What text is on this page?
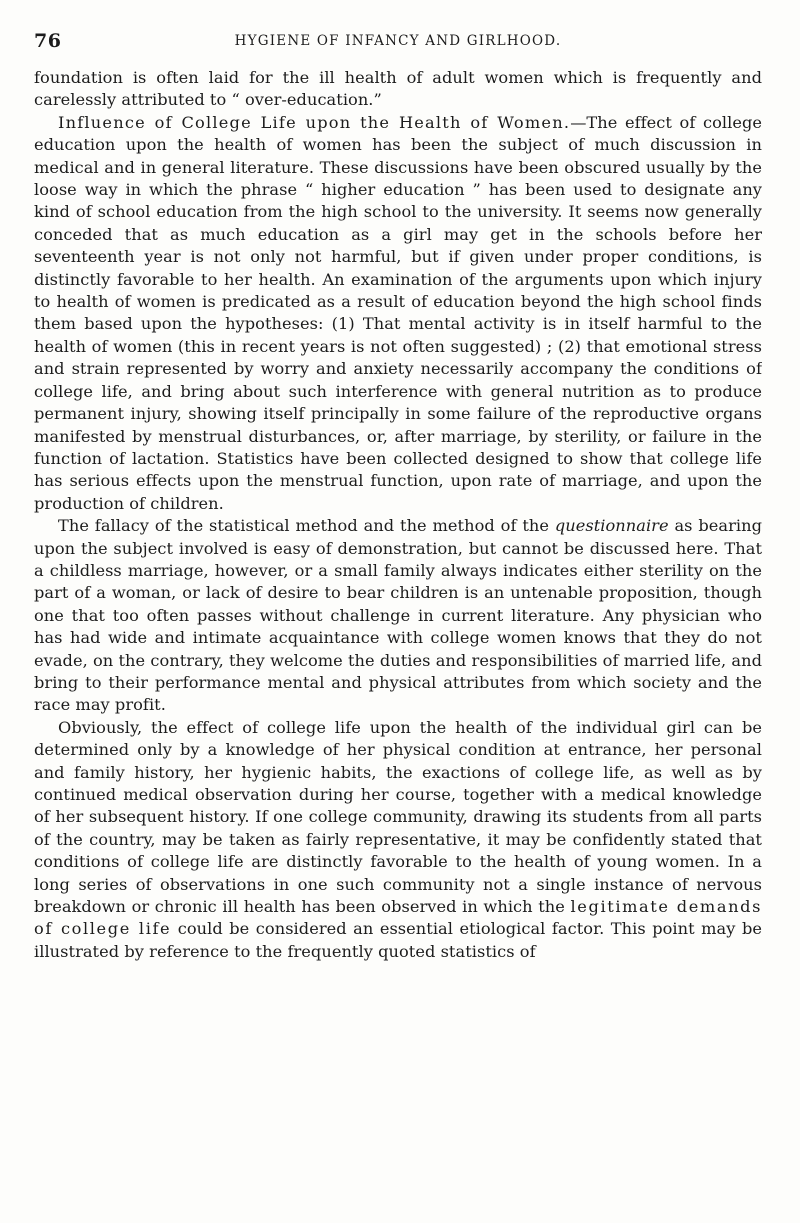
76	HYGIENE OF INFANCY AND GIRLHOOD.

foundation is often laid for the ill health of adult women which is frequently and carelessly attributed to “ over-education.”

Influence of College Life upon the Health of Women.—The effect of college education upon the health of women has been the subject of much discussion in medical and in general literature. These discussions have been obscured usually by the loose way in which the phrase “ higher education ” has been used to designate any kind of school education from the high school to the university. It seems now generally conceded that as much education as a girl may get in the schools before her seventeenth year is not only not harmful, but if given under proper conditions, is distinctly favorable to her health. An examination of the arguments upon which injury to health of women is predicated as a result of education beyond the high school finds them based upon the hypotheses: (1) That mental activity is in itself harmful to the health of women (this in recent years is not often suggested) ; (2) that emotional stress and strain represented by worry and anxiety necessarily accompany the conditions of college life, and bring about such interference with general nutrition as to produce permanent injury, showing itself principally in some failure of the reproductive organs manifested by menstrual disturbances, or, after marriage, by sterility, or failure in the function of lactation. Statistics have been collected designed to show that college life has serious effects upon the menstrual function, upon rate of marriage, and upon the production of children.

The fallacy of the statistical method and the method of the questionnaire as bearing upon the subject involved is easy of demonstration, but cannot be discussed here. That a childless marriage, however, or a small family always indicates either sterility on the part of a woman, or lack of desire to bear children is an untenable proposition, though one that too often passes without challenge in current literature. Any physician who has had wide and intimate acquaintance with college women knows that they do not evade, on the contrary, they welcome the duties and responsibilities of married life, and bring to their performance mental and physical attributes from which society and the race may profit.

Obviously, the effect of college life upon the health of the individual girl can be determined only by a knowledge of her physical condition at entrance, her personal and family history, her hygienic habits, the exactions of college life, as well as by continued medical observation during her course, together with a medical knowledge of her subsequent history. If one college community, drawing its students from all parts of the country, may be taken as fairly representative, it may be confidently stated that conditions of college life are distinctly favorable to the health of young women. In a long series of observations in one such community not a single instance of nervous breakdown or chronic ill health has been observed in which the legitimate demands of college life could be considered an essential etiological factor. This point may be illustrated by reference to the frequently quoted statistics of
